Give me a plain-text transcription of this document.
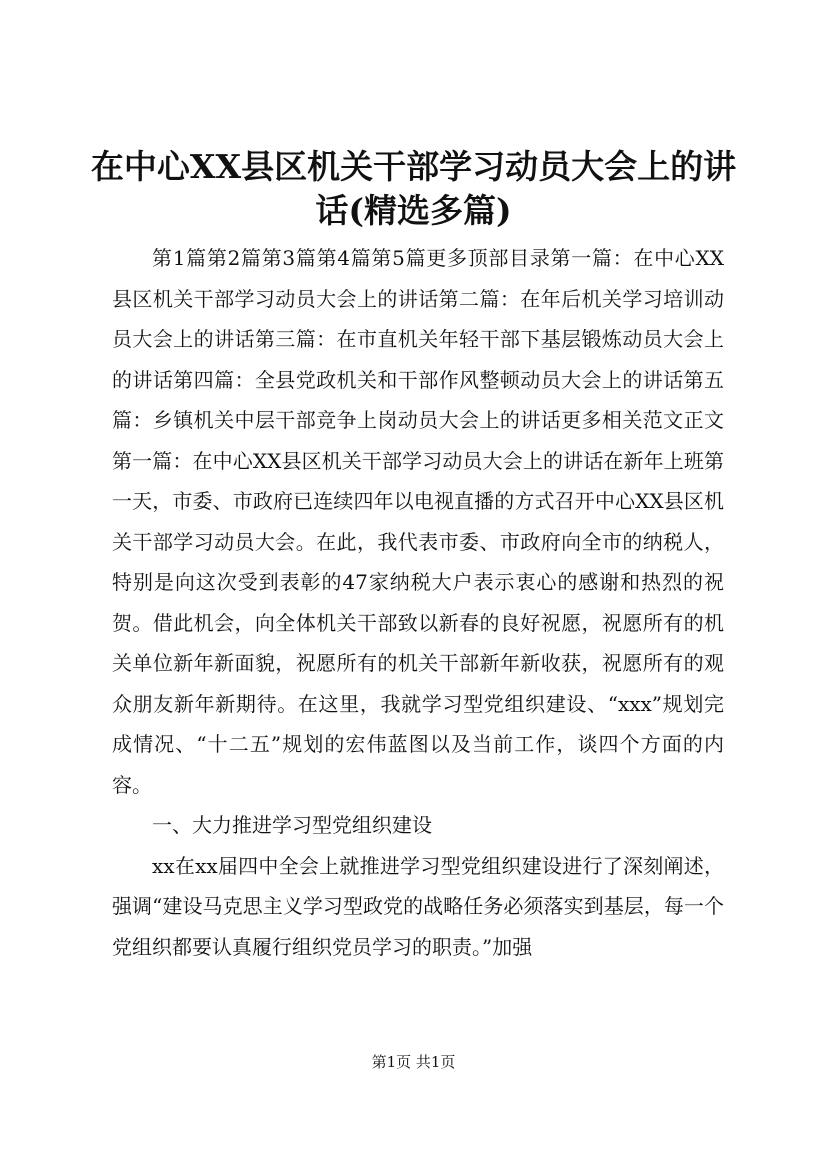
在中心XX县区机关干部学习动员大会上的讲
话(精选多篇)

第1篇第2篇第3篇第4篇第5篇更多顶部目录第一篇：在中心XX县区机关干部学习动员大会上的讲话第二篇：在年后机关学习培训动员大会上的讲话第三篇：在市直机关年轻干部下基层锻炼动员大会上的讲话第四篇：全县党政机关和干部作风整顿动员大会上的讲话第五篇：乡镇机关中层干部竞争上岗动员大会上的讲话更多相关范文正文第一篇：在中心XX县区机关干部学习动员大会上的讲话在新年上班第一天，市委、市政府已连续四年以电视直播的方式召开中心XX县区机关干部学习动员大会。在此，我代表市委、市政府向全市的纳税人，特别是向这次受到表彰的47家纳税大户表示衷心的感谢和热烈的祝贺。借此机会，向全体机关干部致以新春的良好祝愿，祝愿所有的机关单位新年新面貌，祝愿所有的机关干部新年新收获，祝愿所有的观众朋友新年新期待。在这里，我就学习型党组织建设、“xxx”规划完成情况、“十二五”规划的宏伟蓝图以及当前工作，谈四个方面的内容。

一、大力推进学习型党组织建设

xx在xx届四中全会上就推进学习型党组织建设进行了深刻阐述，强调“建设马克思主义学习型政党的战略任务必须落实到基层，每一个党组织都要认真履行组织党员学习的职责。”加强

第1页 共1页
